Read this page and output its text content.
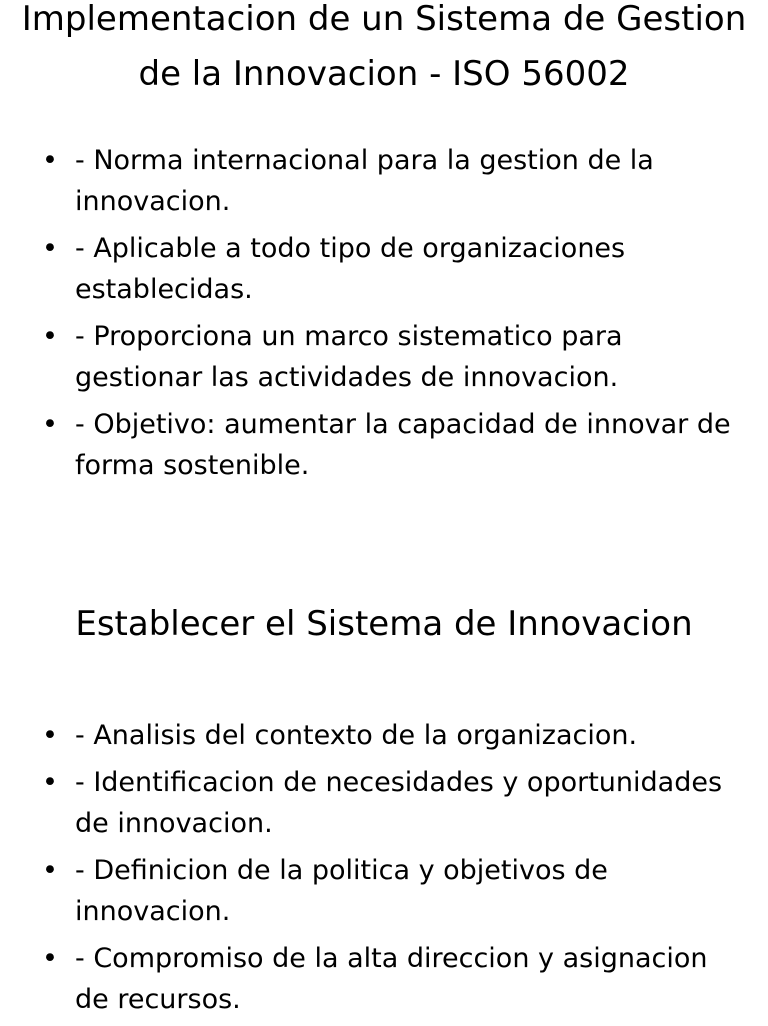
Implementacion de un Sistema de Gestion de la Innovacion - ISO 56002
• - Norma internacional para la gestion de la innovacion.
• - Aplicable a todo tipo de organizaciones establecidas.
• - Proporciona un marco sistematico para gestionar las actividades de innovacion.
• - Objetivo: aumentar la capacidad de innovar de forma sostenible.
Establecer el Sistema de Innovacion
• - Analisis del contexto de la organizacion.
• - Identificacion de necesidades y oportunidades de innovacion.
• - Definicion de la politica y objetivos de innovacion.
• - Compromiso de la alta direccion y asignacion de recursos.
